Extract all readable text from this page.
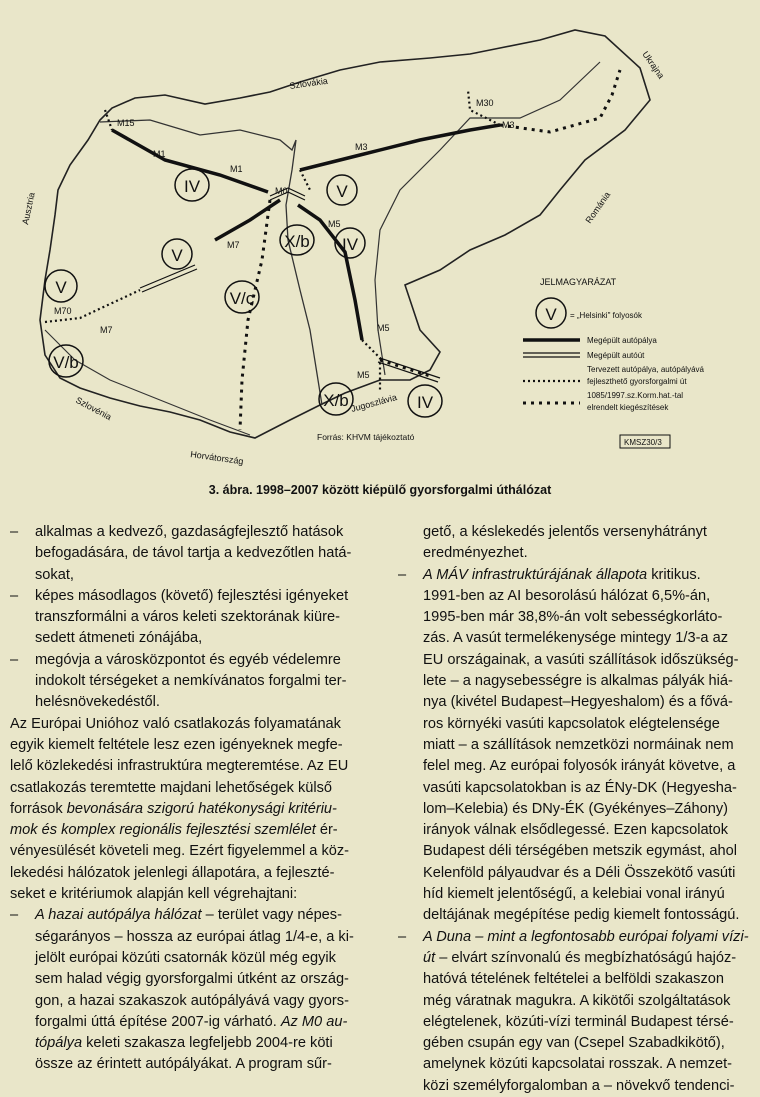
IV	V
X/b IV
V
V/c
V
V/b
X/b	IV
M1
M1
M15
M3
M3
M30
M0
M5
M5
M5
M7
M7
M70
Szlovákia
Ukrajna
Ausztria	Románia
Szlovénia	Jugoszlávia
Horvátország
JELMAGYARÁZAT
V = „Helsinki" folyosók
Megépült autópálya
Megépült autóút
Tervezett autópálya, autópályává
fejleszthető gyorsforgalmi út
1085/1997.sz.Korm.hat.-tal
elrendelt kiegészítések
Forrás: KHVM tájékoztató
KMSZ30/3
3. ábra. 1998–2007 között kiépülő gyorsforgalmi úthálózat
– alkalmas a kedvező, gazdaságfejlesztő hatások

befogadására, de távol tartja a kedvezőtlen hatá-

sokat,

– képes másodlagos (követő) fejlesztési igényeket

transzformálni a város keleti szektorának kiüre-

sedett átmeneti zónájába,

– megóvja a városközpontot és egyéb védelemre

indokolt térségeket a nemkívánatos forgalmi ter-

helésnövekedéstől.

Az Európai Unióhoz való csatlakozás folyamatának

egyik kiemelt feltétele lesz ezen igényeknek megfe-

lelő közlekedési infrastruktúra megteremtése. Az EU

csatlakozás teremtette majdani lehetőségek külső

források bevonására szigorú hatékonysági kritériu-

mok és komplex regionális fejlesztési szemlélet ér-

vényesülését követeli meg. Ezért figyelemmel a köz-

lekedési hálózatok jelenlegi állapotára, a fejleszté-

seket e kritériumok alapján kell végrehajtani:

– A hazai autópálya hálózat – terület vagy népes-

ségarányos – hossza az európai átlag 1/4-e, a ki-

jelölt európai közúti csatornák közül még egyik

sem halad végig gyorsforgalmi útként az ország-

gon, a hazai szakaszok autópályává vagy gyors-

forgalmi úttá építése 2007-ig várható. Az M0 au-

tópálya keleti szakasza legfeljebb 2004-re köti

össze az érintett autópályákat. A program sűr-

gető, a késlekedés jelentős versenyhátrányt

eredményezhet.

– A MÁV infrastruktúrájának állapota kritikus.

1991-ben az AI besorolású hálózat 6,5%-án,

1995-ben már 38,8%-án volt sebességkorláto-

zás. A vasút termelékenysége mintegy 1/3-a az

EU országainak, a vasúti szállítások időszükség-

lete – a nagysebességre is alkalmas pályák hiá-

nya (kivétel Budapest–Hegyeshalom) és a fővá-

ros környéki vasúti kapcsolatok elégtelensége

miatt – a szállítások nemzetközi normáinak nem

felel meg. Az európai folyosók irányát követve, a

vasúti kapcsolatokban is az ÉNy-DK (Hegyesha-

lom–Kelebia) és DNy-ÉK (Gyékényes–Záhony)

irányok válnak elsődlegessé. Ezen kapcsolatok

Budapest déli térségében metszik egymást, ahol

Kelenföld pályaudvar és a Déli Összekötő vasúti

híd kiemelt jelentőségű, a kelebiai vonal irányú

deltájának megépítése pedig kiemelt fontosságú.

– A Duna – mint a legfontosabb európai folyami vízi-

út – elvárt színvonalú és megbízhatóságú hajóz-

hatóvá tételének feltételei a belföldi szakaszon

még váratnak magukra. A kikötői szolgáltatások

elégtelenek, közúti-vízi terminál Budapest térsé-

gében csupán egy van (Csepel Szabadkikötő),

amelynek közúti kapcsolatai rosszak. A nemzet-

közi személyforgalomban a – növekvő tendenci-
